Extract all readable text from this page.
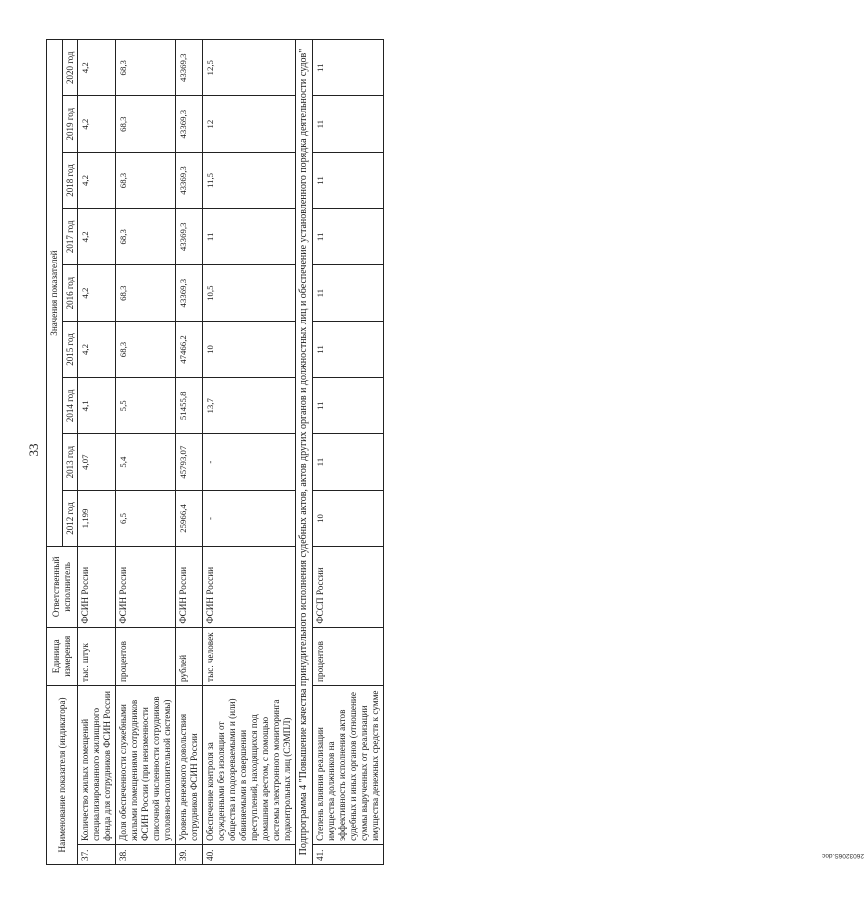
33
Наименование показателя (индикатора)		Единица измерения	Ответственный исполнитель	Значения показателей								
				2012 год	2013 год	2014 год	2015 год	2016 год	2017 год	2018 год	2019 год	2020 год
37.	Количество жилых помещений специализированного жилищного фонда для сотрудников ФСИН России	тыс. штук	ФСИН России	1,199	4,07	4,1	4,2	4,2	4,2	4,2	4,2	4,2
38.	Доля обеспеченности служебными жилыми помещениями сотрудников ФСИН России (при неизменности списочной численности сотрудников уголовно-исполнительной системы)	процентов	ФСИН России	6,5	5,4	5,5	68,3	68,3	68,3	68,3	68,3	68,3
39.	Уровень денежного довольствия сотрудников ФСИН России	рублей	ФСИН России	25966,4	45793,07	51455,8	47466,2	43369,3	43369,3	43369,3	43369,3	43369,3
40.	Обеспечение контроля за осужденными без изоляции от общества и подозреваемыми и (или) обвиняемыми в совершении преступлений, находящихся под домашним арестом, с помощью системы электронного мониторинга подконтрольных лиц (СЭМПЛ)	тыс. человек	ФСИН России	-	-	13,7	10	10,5	11	11,5	12	12,5
Подпрограмма 4 "Повышение качества принудительного исполнения судебных актов, актов других органов и должностных лиц и обеспечение установленного порядка деятельности судов"												
41.	Степень влияния реализации имущества должников на эффективность исполнения актов судебных и иных органов (отношение суммы вырученных от реализации имущества денежных средств к сумме	процентов	ФССП России	10	11	11	11	11	11	11	11	11
2603206S.doc
